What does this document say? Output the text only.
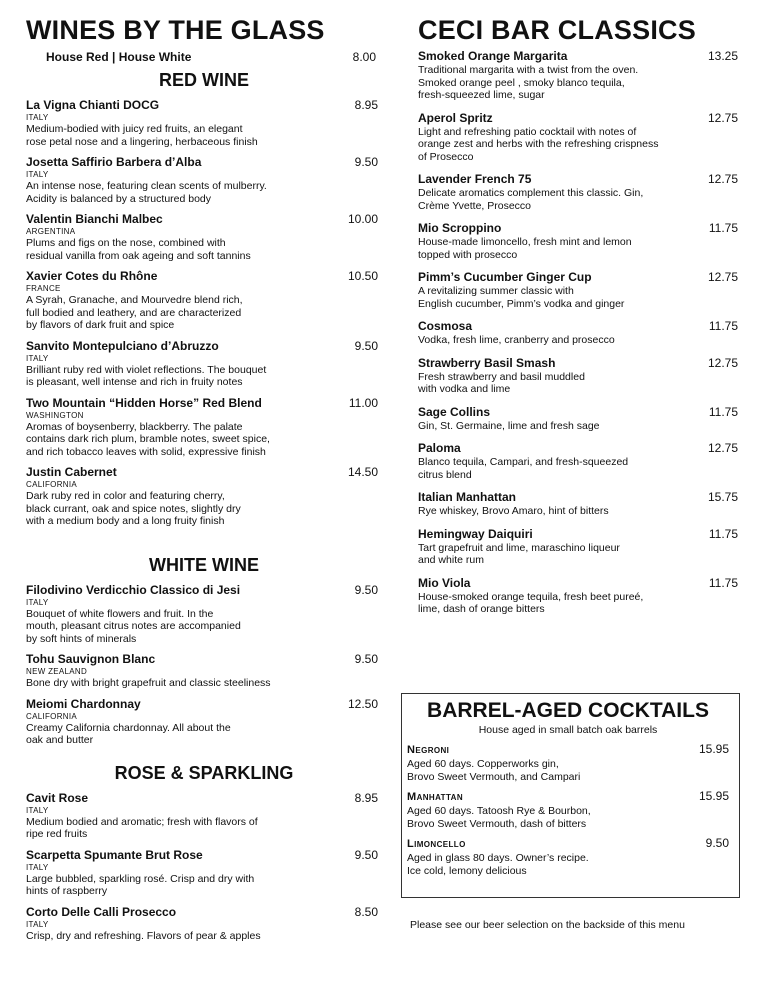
WINES BY THE GLASS
House Red | House White	8.00
RED WINE
La Vigna Chianti DOCG	8.95
ITALY
Medium-bodied with juicy red fruits, an elegant
rose petal nose and a lingering, herbaceous finish
Josetta Saffirio Barbera d’Alba	9.50
ITALY
An intense nose, featuring clean scents of mulberry.
Acidity is balanced by a structured body
Valentin Bianchi Malbec	10.00
ARGENTINA
Plums and figs on the nose, combined with
residual vanilla from oak ageing and soft tannins
Xavier Cotes du Rhône	10.50
FRANCE
A Syrah, Granache, and Mourvedre blend rich,
full bodied and leathery, and are characterized
by flavors of dark fruit and spice
Sanvito Montepulciano d’Abruzzo	9.50
ITALY
Brilliant ruby red with violet reflections. The bouquet
is pleasant, well intense and rich in fruity notes
Two Mountain “Hidden Horse” Red Blend	11.00
WASHINGTON
Aromas of boysenberry, blackberry. The palate
contains dark rich plum, bramble notes, sweet spice,
and rich tobacco leaves with solid, expressive finish
Justin Cabernet	14.50
CALIFORNIA
Dark ruby red in color and featuring cherry,
black currant, oak and spice notes, slightly dry
with a medium body and a long fruity finish
WHITE WINE
Filodivino Verdicchio Classico di Jesi	9.50
ITALY
Bouquet of white flowers and fruit. In the
mouth, pleasant citrus notes are accompanied
by soft hints of minerals
Tohu Sauvignon Blanc	9.50
NEW ZEALAND
Bone dry with bright grapefruit and classic steeliness
Meiomi Chardonnay	12.50
CALIFORNIA
Creamy California chardonnay. All about the
oak and butter
ROSE & SPARKLING
Cavit Rose	8.95
ITALY
Medium bodied and aromatic; fresh with flavors of
ripe red fruits
Scarpetta Spumante Brut Rose	9.50
ITALY
Large bubbled, sparkling rosé. Crisp and dry with
hints of raspberry
Corto Delle Calli Prosecco	8.50
ITALY
Crisp, dry and refreshing. Flavors of pear & apples
CECI BAR CLASSICS
Smoked Orange Margarita	13.25
Traditional margarita with a twist from the oven.
Smoked orange peel , smoky blanco tequila,
fresh-squeezed lime, sugar
Aperol Spritz	12.75
Light and refreshing patio cocktail with notes of
orange zest and herbs with the refreshing crispness
of Prosecco
Lavender French 75	12.75
Delicate aromatics complement this classic. Gin,
Crème Yvette, Prosecco
Mio Scroppino	11.75
House-made limoncello, fresh mint and lemon
topped with prosecco
Pimm’s Cucumber Ginger Cup	12.75
A revitalizing summer classic with
English cucumber, Pimm’s vodka and ginger
Cosmosa	11.75
Vodka, fresh lime, cranberry and prosecco
Strawberry Basil Smash	12.75
Fresh strawberry and basil muddled
with vodka and lime
Sage Collins	11.75
Gin, St. Germaine, lime and fresh sage
Paloma	12.75
Blanco tequila, Campari, and fresh-squeezed
citrus blend
Italian Manhattan	15.75
Rye whiskey, Brovo Amaro, hint of bitters
Hemingway Daiquiri	11.75
Tart grapefruit and lime, maraschino liqueur
and white rum
Mio Viola	11.75
House-smoked orange tequila, fresh beet pureé,
lime, dash of orange bitters
BARREL-AGED COCKTAILS

House aged in small batch oak barrels

Negroni	15.95
Aged 60 days. Copperworks gin,
Brovo Sweet Vermouth, and Campari
Manhattan	15.95
Aged 60 days. Tatoosh Rye & Bourbon,
Brovo Sweet Vermouth, dash of bitters
Limoncello	9.50
Aged in glass 80 days. Owner’s recipe.
Ice cold, lemony delicious
Please see our beer selection on the backside of this menu
